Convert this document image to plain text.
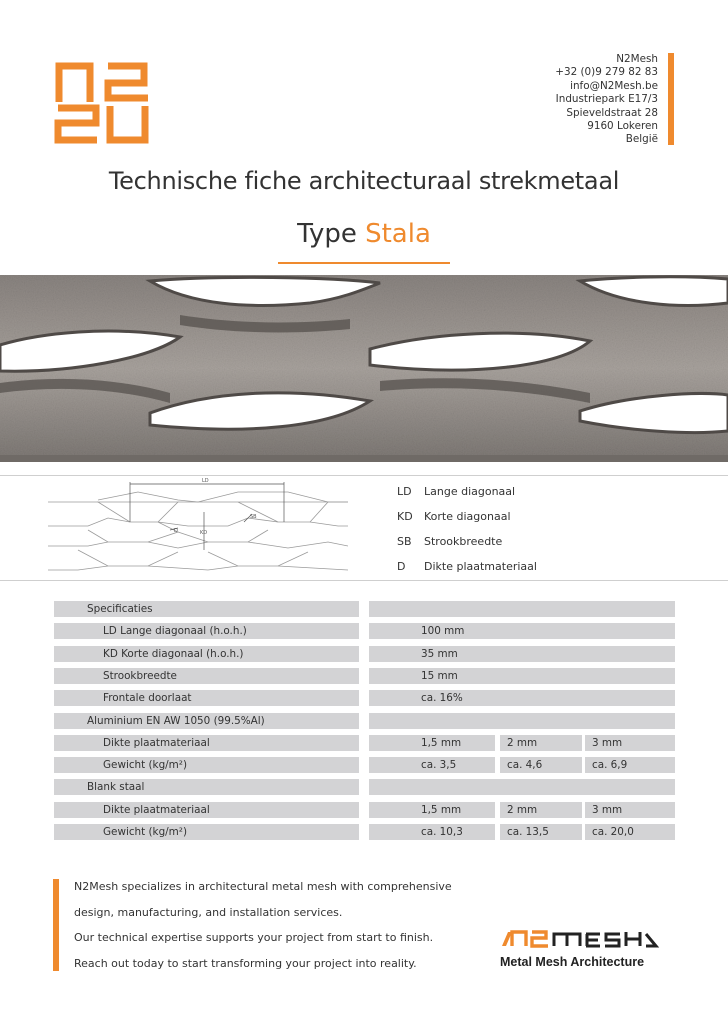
N2Mesh
+32 (0)9 279 82 83
info@N2Mesh.be
Industriepark E17/3
Spieveldstraat 28
9160 Lokeren
België
Technische fiche architecturaal strekmetaal
Type Stala
LD
KD
SB
D
LD Lange diagonaal
KD Korte diagonaal
SB Strookbreedte
D Dikte plaatmateriaal
Specificaties
LD Lange diagonaal (h.o.h.)	100 mm
KD Korte diagonaal (h.o.h.)	35 mm
Strookbreedte	15 mm
Frontale doorlaat	ca. 16%
Aluminium EN AW 1050 (99.5%Al)
Dikte plaatmateriaal	1,5 mm	2 mm	3 mm
Gewicht (kg/m²)	ca. 3,5	ca. 4,6	ca. 6,9
Blank staal
Dikte plaatmateriaal	1,5 mm	2 mm	3 mm
Gewicht (kg/m²)	ca. 10,3	ca. 13,5	ca. 20,0
N2Mesh specializes in architectural metal mesh with comprehensive
design, manufacturing, and installation services.
Our technical expertise supports your project from start to finish.
Reach out today to start transforming your project into reality.	Metal Mesh Architecture
